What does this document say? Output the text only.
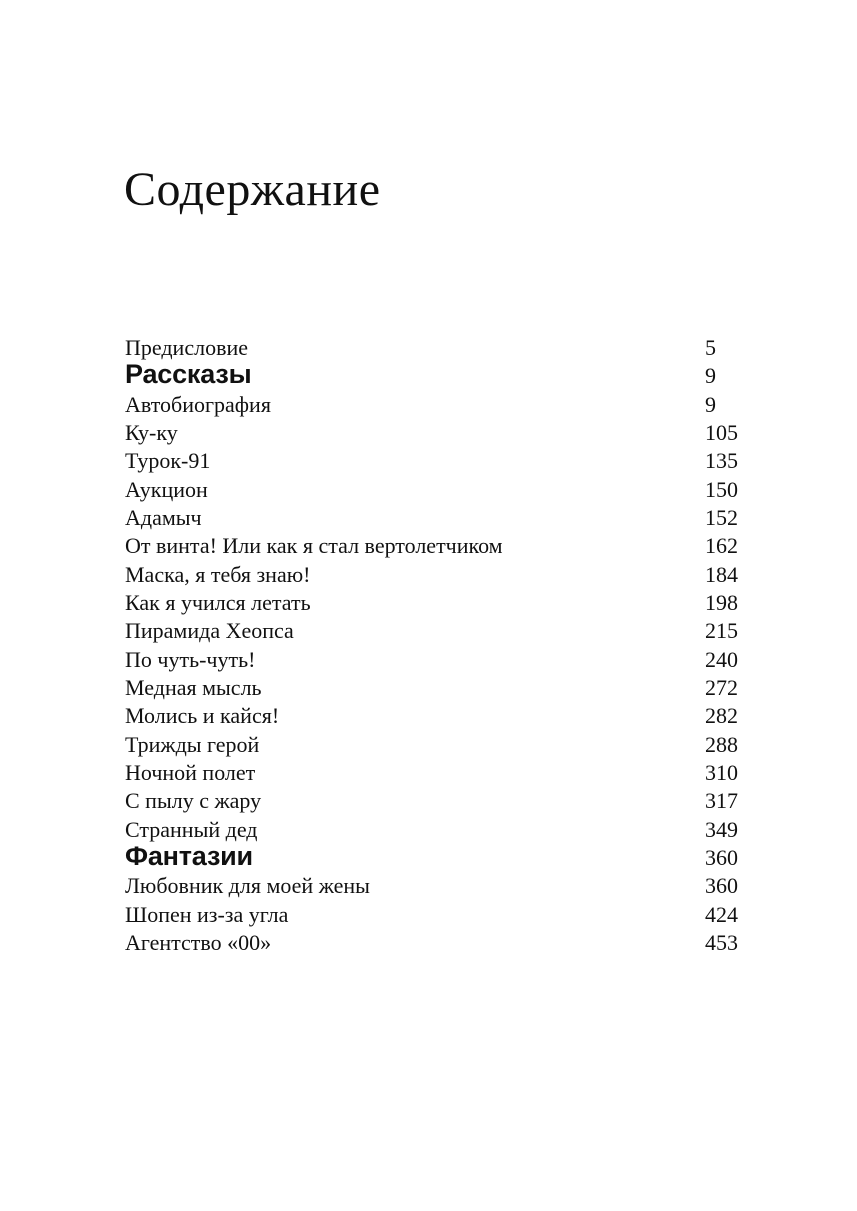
Содержание
Предисловие	5
Рассказы	9
Автобиография	9
Ку-ку	105
Турок-91	135
Аукцион	150
Адамыч	152
От винта! Или как я стал вертолетчиком	162
Маска, я тебя знаю!	184
Как я учился летать	198
Пирамида Хеопса	215
По чуть-чуть!	240
Медная мысль	272
Молись и кайся!	282
Трижды герой	288
Ночной полет	310
С пылу с жару	317
Странный дед	349
Фантазии	360
Любовник для моей жены	360
Шопен из-за угла	424
Агентство «00»	453
